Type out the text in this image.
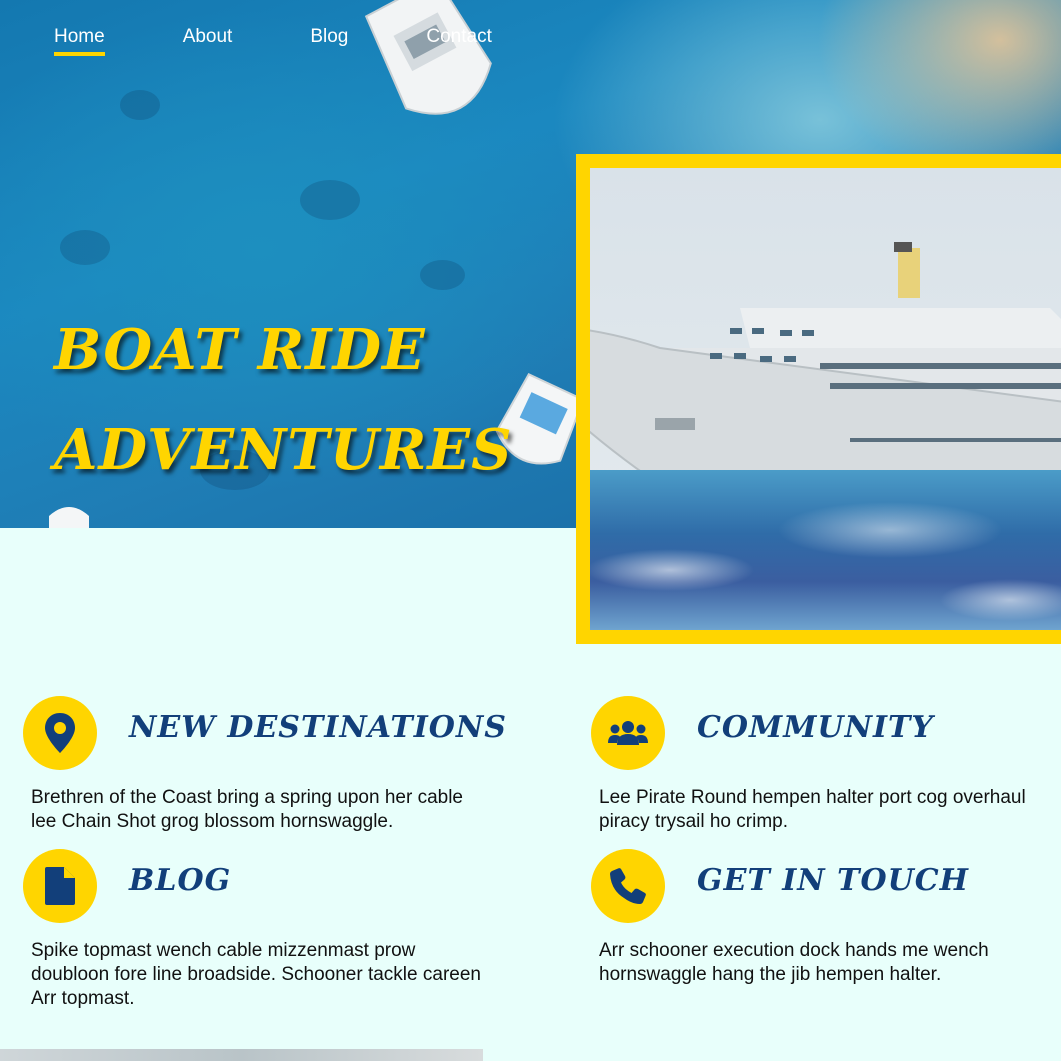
Home	About	Blog	Contact
BOAT RIDE
ADVENTURES
NEW DESTINATIONS

Brethren of the Coast bring a spring upon her cable lee Chain Shot grog blossom hornswaggle.

COMMUNITY

Lee Pirate Round hempen halter port cog overhaul piracy trysail ho crimp.

BLOG

Spike topmast wench cable mizzenmast prow doubloon fore line broadside. Schooner tackle careen Arr topmast.

GET IN TOUCH

Arr schooner execution dock hands me wench hornswaggle hang the jib hempen halter.
